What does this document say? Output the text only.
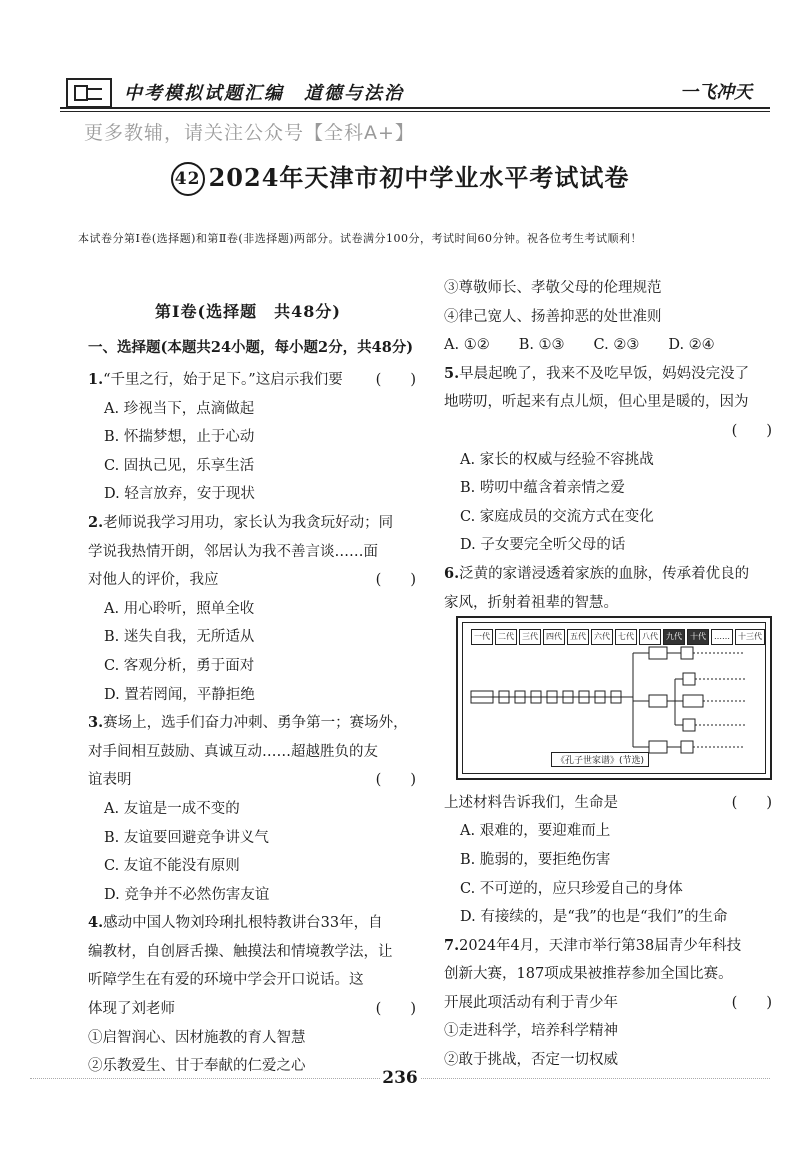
中考模拟试题汇编　道德与法治	一飞冲天
更多教辅，请关注公众号【全科A+】
42 2024年天津市初中学业水平考试试卷
本试卷分第Ⅰ卷(选择题)和第Ⅱ卷(非选择题)两部分。试卷满分100分，考试时间60分钟。祝各位考生考试顺利！
第Ⅰ卷(选择题　共48分)
一、选择题(本题共24小题，每小题2分，共48分)
1.“千里之行，始于足下。”这启示我们要 (　　)
A. 珍视当下，点滴做起
B. 怀揣梦想，止于心动
C. 固执己见，乐享生活
D. 轻言放弃，安于现状
2.老师说我学习用功，家长认为我贪玩好动；同
学说我热情开朗，邻居认为我不善言谈……面
对他人的评价，我应	(　　)
A. 用心聆听，照单全收
B. 迷失自我，无所适从
C. 客观分析，勇于面对
D. 置若罔闻，平静拒绝
3.赛场上，选手们奋力冲刺、勇争第一；赛场外，
对手间相互鼓励、真诚互动……超越胜负的友
谊表明	(　　)
A. 友谊是一成不变的
B. 友谊要回避竞争讲义气
C. 友谊不能没有原则
D. 竞争并不必然伤害友谊
4.感动中国人物刘玲琍扎根特教讲台33年，自
编教材，自创唇舌操、触摸法和情境教学法，让
听障学生在有爱的环境中学会开口说话。这
体现了刘老师	(　　)
①启智润心、因材施教的育人智慧
②乐教爱生、甘于奉献的仁爱之心
③尊敬师长、孝敬父母的伦理规范
④律己宽人、扬善抑恶的处世准则
A. ①②　　B. ①③　　C. ②③　　D. ②④
5.早晨起晚了，我来不及吃早饭，妈妈没完没了
地唠叨，听起来有点儿烦，但心里是暖的，因为
(　　)
A. 家长的权威与经验不容挑战
B. 唠叨中蕴含着亲情之爱
C. 家庭成员的交流方式在变化
D. 子女要完全听父母的话
6.泛黄的家谱浸透着家族的血脉，传承着优良的
家风，折射着祖辈的智慧。
上述材料告诉我们，生命是	(　　)
A. 艰难的，要迎难而上
B. 脆弱的，要拒绝伤害
C. 不可逆的，应只珍爱自己的身体
D. 有接续的，是“我”的也是“我们”的生命
7.2024年4月，天津市举行第38届青少年科技
创新大赛，187项成果被推荐参加全国比赛。
开展此项活动有利于青少年	(　　)
①走进科学，培养科学精神
②敢于挑战，否定一切权威
一代	二代	三代	四代	五代	六代	七代	八代	九代	十代	……	十三代
《孔子世家谱》(节选)
236
